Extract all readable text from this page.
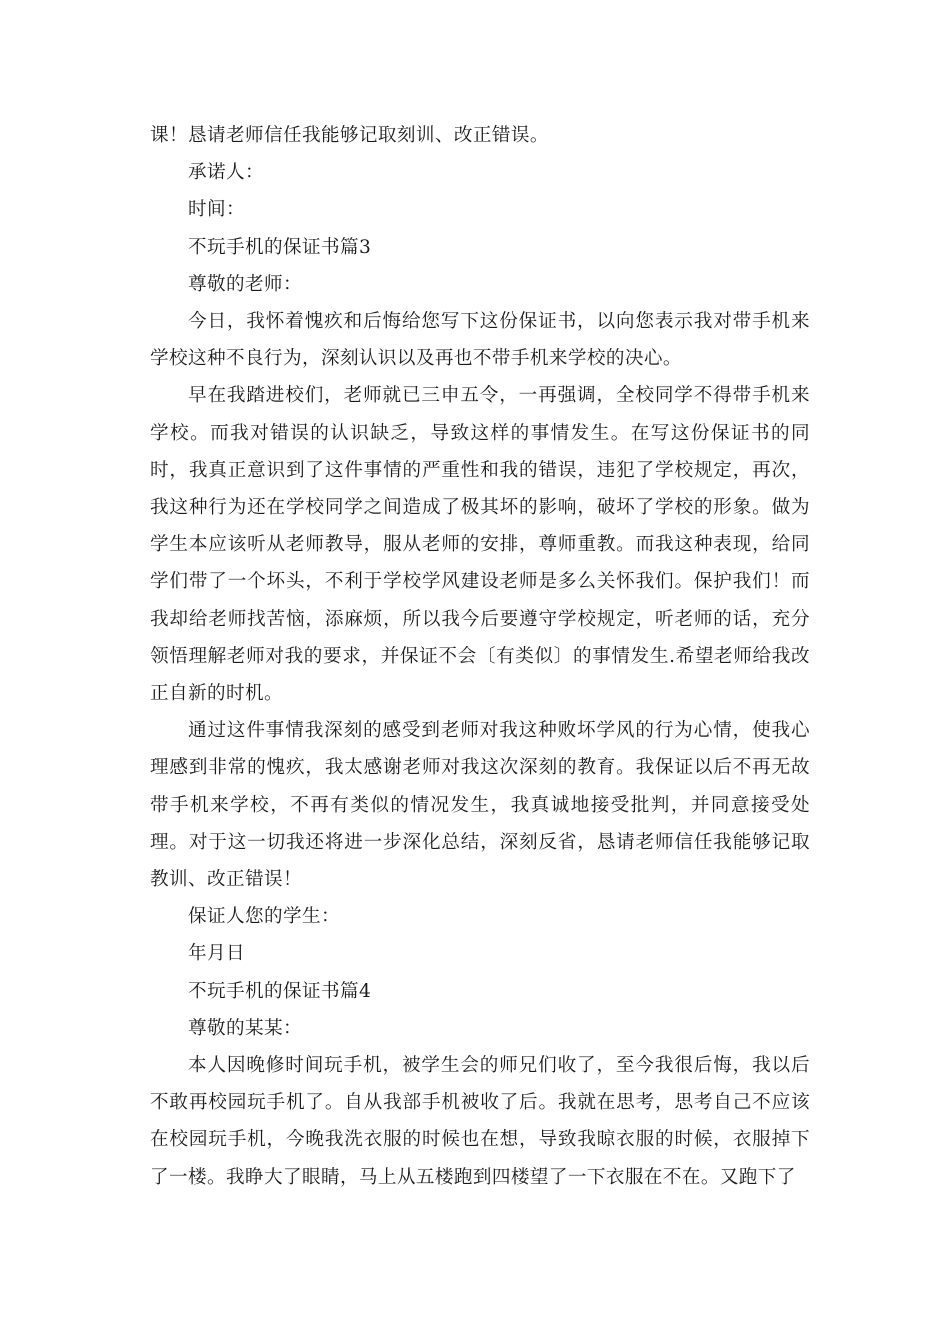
课！恳请老师信任我能够记取刻训、改正错误。

承诺人：

时间：

不玩手机的保证书篇3

尊敬的老师：

今日，我怀着愧疚和后悔给您写下这份保证书，以向您表示我对带手机来学校这种不良行为，深刻认识以及再也不带手机来学校的决心。

早在我踏进校们，老师就已三申五令，一再强调，全校同学不得带手机来学校。而我对错误的认识缺乏，导致这样的事情发生。在写这份保证书的同时，我真正意识到了这件事情的严重性和我的错误，违犯了学校规定，再次，我这种行为还在学校同学之间造成了极其坏的影响，破坏了学校的形象。做为学生本应该听从老师教导，服从老师的安排，尊师重教。而我这种表现，给同学们带了一个坏头，不利于学校学风建设老师是多么关怀我们。保护我们！而我却给老师找苦恼，添麻烦，所以我今后要遵守学校规定，听老师的话，充分领悟理解老师对我的要求，并保证不会〔有类似〕的事情发生.希望老师给我改正自新的时机。

通过这件事情我深刻的感受到老师对我这种败坏学风的行为心情，使我心理感到非常的愧疚，我太感谢老师对我这次深刻的教育。我保证以后不再无故带手机来学校，不再有类似的情况发生，我真诚地接受批判，并同意接受处理。对于这一切我还将进一步深化总结，深刻反省，恳请老师信任我能够记取教训、改正错误！

保证人您的学生：

年月日

不玩手机的保证书篇4

尊敬的某某：

本人因晚修时间玩手机，被学生会的师兄们收了，至今我很后悔，我以后不敢再校园玩手机了。自从我部手机被收了后。我就在思考，思考自己不应该在校园玩手机，今晚我洗衣服的时候也在想，导致我晾衣服的时候，衣服掉下了一楼。我睁大了眼睛，马上从五楼跑到四楼望了一下衣服在不在。又跑下了
